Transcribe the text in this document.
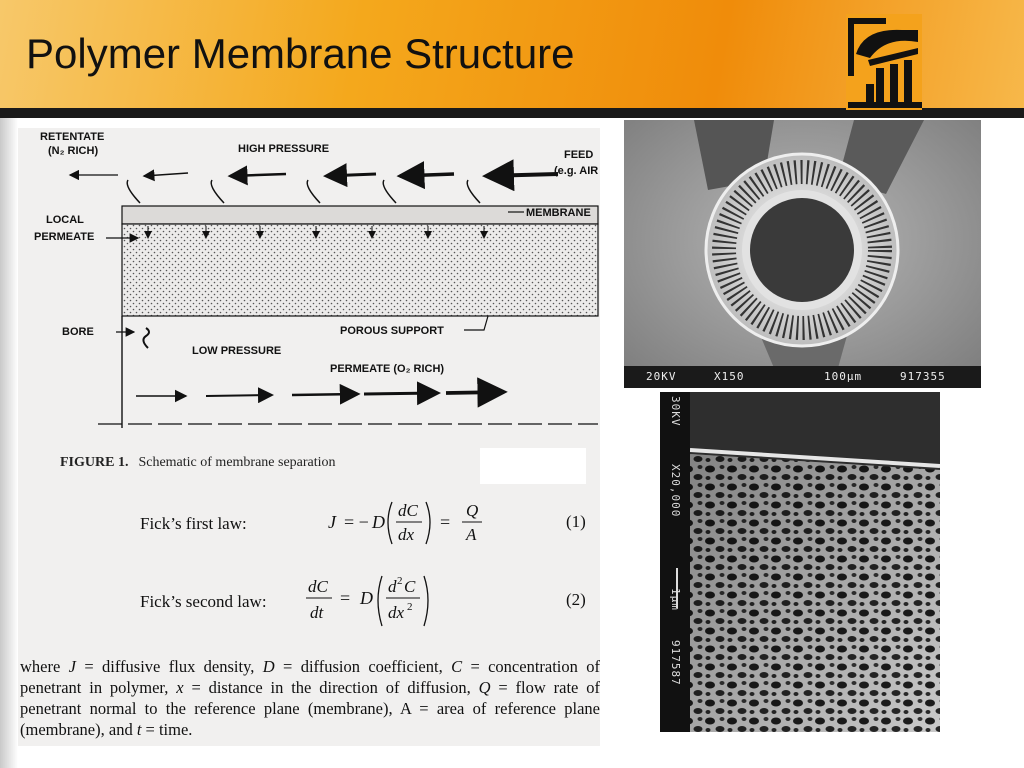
Polymer Membrane Structure
RETENTATE
(N₂ RICH)	HIGH PRESSURE	FEED
(e.g. AIR
MEMBRANE
LOCAL
PERMEATE
BORE	POROUS SUPPORT
LOW PRESSURE
PERMEATE (O₂ RICH)
FIGURE 1. Schematic of membrane separation
Fick’s first law:	J = − D
dC
dx
=
Q
A
(1)
Fick’s second law:
dC
dt
= D
d 2 C
dx 2	(2)
where J = diffusive flux density, D = diffusion coefficient, C = concentration of penetrant in polymer, x = distance in the direction of diffusion, Q = flow rate of penetrant normal to the reference plane (membrane), A = area of reference plane (membrane), and t = time.
20KV	X150	100µm	917355
30KV
X20,000
1µm
917587
